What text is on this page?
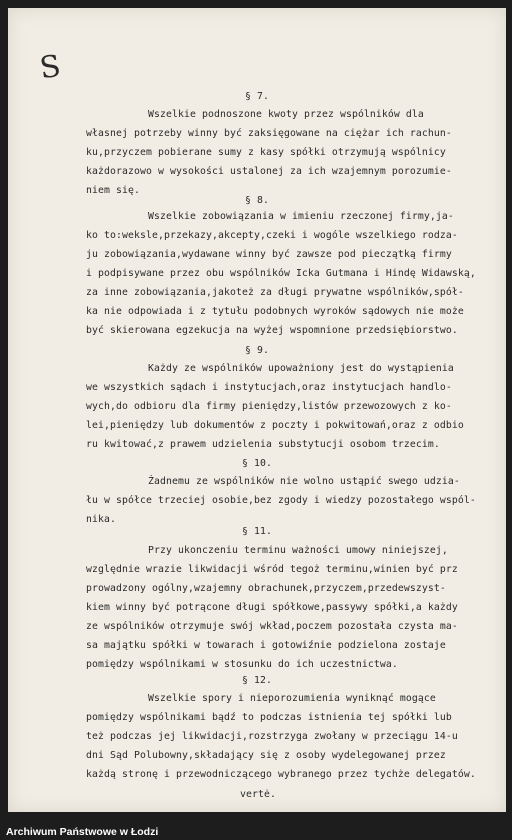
S
§ 7.
Wszelkie podnoszone kwoty przez wspólników dla
własnej potrzeby winny być zaksięgowane na ciężar ich rachun-
ku,przyczem pobierane sumy z kasy spółki otrzymują wspólnicy
każdorazowo w wysokości ustalonej za ich wzajemnym porozumie-
niem się.
§ 8.
Wszelkie zobowiązania w imieniu rzeczonej firmy,ja-
ko to:weksle,przekazy,akcepty,czeki i wogóle wszelkiego rodza-
ju zobowiązania,wydawane winny być zawsze pod pieczątką firmy
i podpisywane przez obu wspólników Icka Gutmana i Hindę Widawską,
za inne zobowiązania,jakoteż za długi prywatne wspólników,spół-
ka nie odpowiada i z tytułu podobnych wyroków sądowych nie może
być skierowana egzekucja na wyżej wspomnione przedsiębiorstwo.
§ 9.
Każdy ze wspólników upoważniony jest do wystąpienia
we wszystkich sądach i instytucjach,oraz instytucjach handlo-
wych,do odbioru dla firmy pieniędzy,listów przewozowych z ko-
lei,pieniędzy lub dokumentów z poczty i pokwitowań,oraz z odbio
ru kwitować,z prawem udzielenia substytucji osobom trzecim.
§ 10.
Żadnemu ze wspólników nie wolno ustąpić swego udzia-
łu w spółce trzeciej osobie,bez zgody i wiedzy pozostałego wspól-
nika.
§ 11.
Przy ukonczeniu terminu ważności umowy niniejszej,
względnie wrazie likwidacji wśród tegoż terminu,winien być prz
prowadzony ogólny,wzajemny obrachunek,przyczem,przedewszyst-
kiem winny być potrącone długi spółkowe,passywy spółki,a każdy
ze wspólników otrzymuje swój wkład,poczem pozostała czysta ma-
sa majątku spółki w towarach i gotowiźnie podzielona zostaje
pomiędzy wspólnikami w stosunku do ich uczestnictwa.
§ 12.
Wszelkie spory i nieporozumienia wyniknąć mogące
pomiędzy wspólnikami bądź to podczas istnienia tej spółki lub
też podczas jej likwidacji,rozstrzyga zwołany w przeciągu 14-u
dni Sąd Polubowny,składający się z osoby wydelegowanej przez
każdą stronę i przewodniczącego wybranego przez tychże delegatów.
vertė.
Archiwum Państwowe w Łodzi
